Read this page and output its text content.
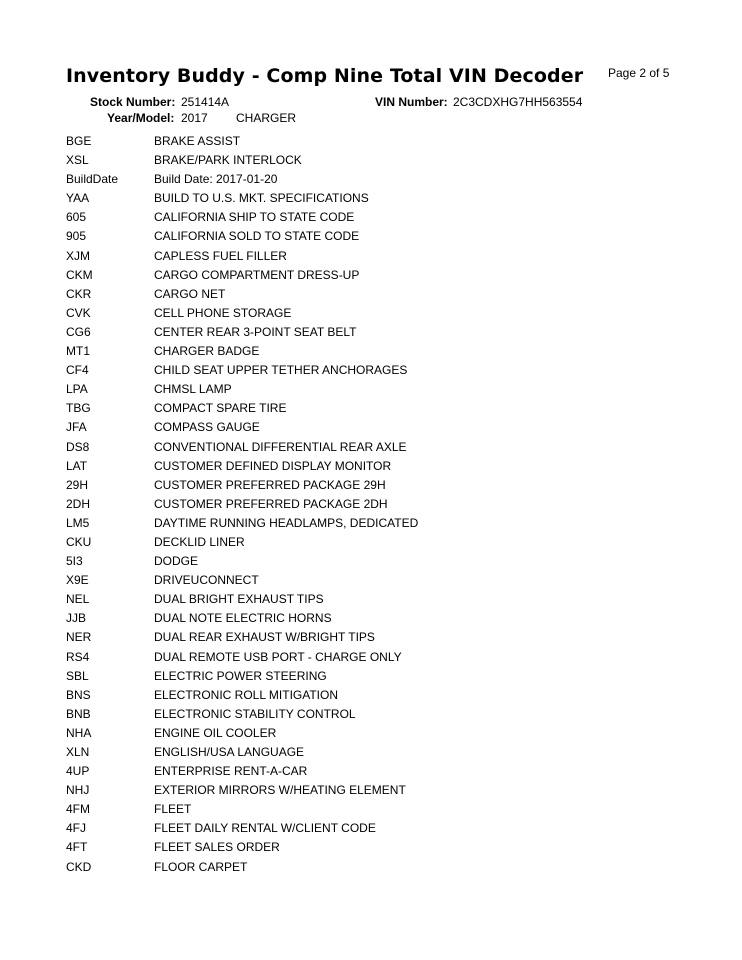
Inventory Buddy - Comp Nine Total VIN Decoder Page 2 of 5
Stock Number: 251414A	VIN Number: 2C3CDXHG7HH563554
Year/Model: 2017 CHARGER
BGE	BRAKE ASSIST
XSL	BRAKE/PARK INTERLOCK
BuildDate	Build Date: 2017-01-20
YAA	BUILD TO U.S. MKT. SPECIFICATIONS
605	CALIFORNIA SHIP TO STATE CODE
905	CALIFORNIA SOLD TO STATE CODE
XJM	CAPLESS FUEL FILLER
CKM	CARGO COMPARTMENT DRESS-UP
CKR	CARGO NET
CVK	CELL PHONE STORAGE
CG6	CENTER REAR 3-POINT SEAT BELT
MT1	CHARGER BADGE
CF4	CHILD SEAT UPPER TETHER ANCHORAGES
LPA	CHMSL LAMP
TBG	COMPACT SPARE TIRE
JFA	COMPASS GAUGE
DS8	CONVENTIONAL DIFFERENTIAL REAR AXLE
LAT	CUSTOMER DEFINED DISPLAY MONITOR
29H	CUSTOMER PREFERRED PACKAGE 29H
2DH	CUSTOMER PREFERRED PACKAGE 2DH
LM5	DAYTIME RUNNING HEADLAMPS, DEDICATED
CKU	DECKLID LINER
5I3	DODGE
X9E	DRIVEUCONNECT
NEL	DUAL BRIGHT EXHAUST TIPS
JJB	DUAL NOTE ELECTRIC HORNS
NER	DUAL REAR EXHAUST W/BRIGHT TIPS
RS4	DUAL REMOTE USB PORT - CHARGE ONLY
SBL	ELECTRIC POWER STEERING
BNS	ELECTRONIC ROLL MITIGATION
BNB	ELECTRONIC STABILITY CONTROL
NHA	ENGINE OIL COOLER
XLN	ENGLISH/USA LANGUAGE
4UP	ENTERPRISE RENT-A-CAR
NHJ	EXTERIOR MIRRORS W/HEATING ELEMENT
4FM	FLEET
4FJ	FLEET DAILY RENTAL W/CLIENT CODE
4FT	FLEET SALES ORDER
CKD	FLOOR CARPET
